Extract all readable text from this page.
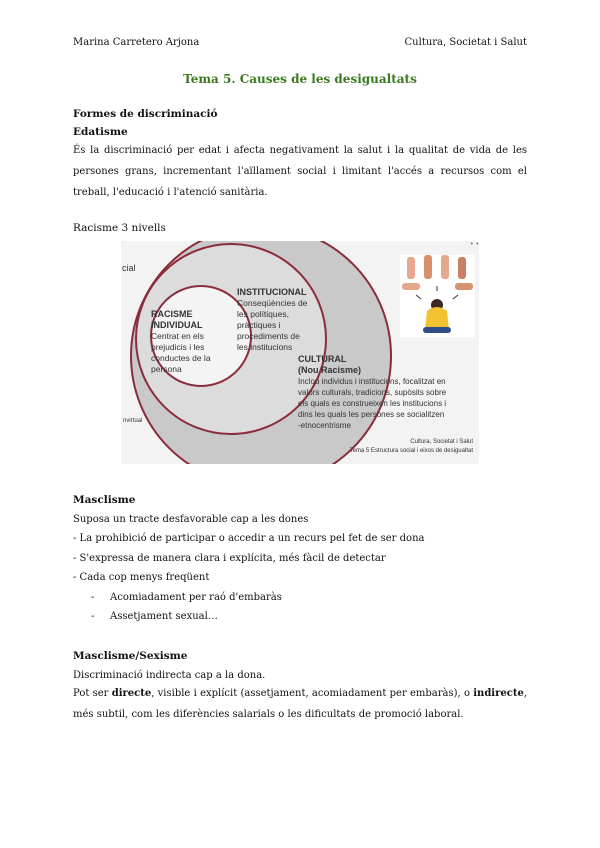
Marina Carretero Arjona	Cultura, Societat i Salut
Tema 5. Causes de les desigualtats
Formes de discriminació
Edatisme
És la discriminació per edat i afecta negativament la salut i la qualitat de vida de les persones grans, incrementant l'aïllament social i limitant l'accés a recursos com el treball, l'educació i l'atenció sanitària.
Racisme 3 nivells
• •
cial
RACISME
INDIVIDUAL
Centrat en els
prejudicis i les
conductes de la
persona
INSTITUCIONAL
Conseqüències de
les polítiques,
pràctiques i
procediments de
les institucions
CULTURAL
(Nou Racisme)
Inclou individus i institucions, focalitzat en
valors culturals, tradicions, supòsits sobre
els quals es construeixen les institucions i
dins les quals les persones se socialitzen
-etnocentrisme
Cultura, Societat i Salut
Tema 5 Estructura social i eixos de desigualtat
nvirtual
Masclisme
Suposa un tracte desfavorable cap a les dones
- La prohibició de participar o accedir a un recurs pel fet de ser dona
- S'expressa de manera clara i explícita, més fàcil de detectar
- Cada cop menys freqüent
- Acomiadament per raó d'embaràs
- Assetjament sexual…
Masclisme/Sexisme
Discriminació indirecta cap a la dona.
Pot ser directe, visible i explícit (assetjament, acomiadament per embaràs), o indirecte, més subtil, com les diferències salarials o les dificultats de promoció laboral.
